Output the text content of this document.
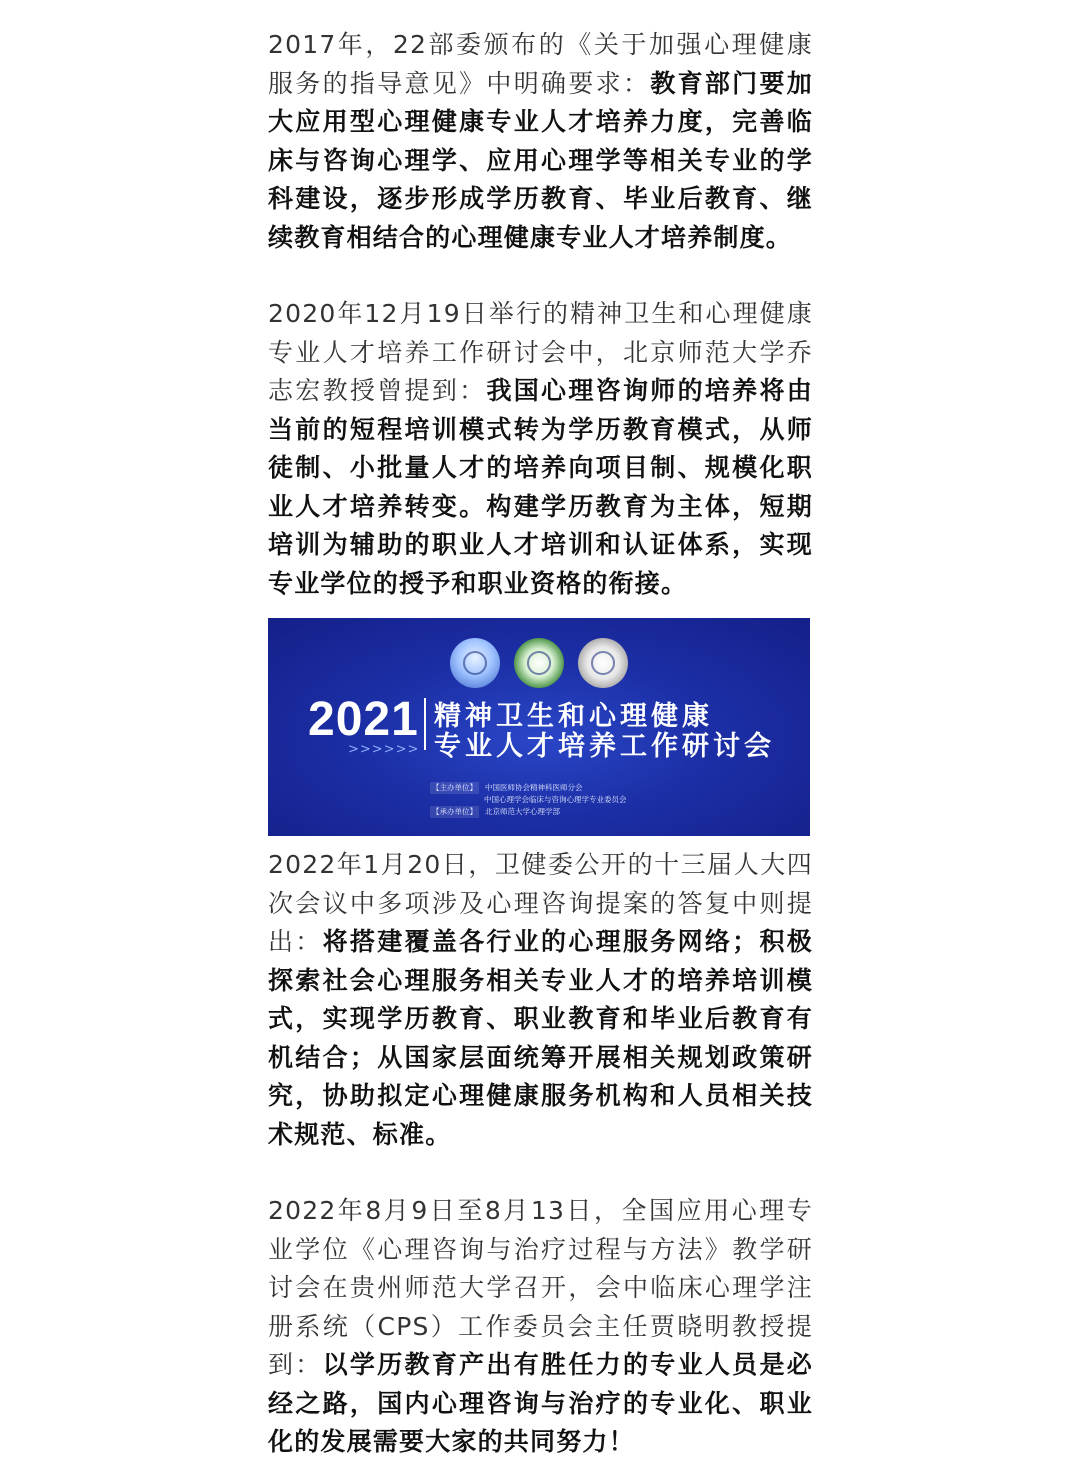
2017年，22部委颁布的《关于加强心理健康服务的指导意见》中明确要求：教育部门要加大应用型心理健康专业人才培养力度，完善临床与咨询心理学、应用心理学等相关专业的学科建设，逐步形成学历教育、毕业后教育、继续教育相结合的心理健康专业人才培养制度。

2020年12月19日举行的精神卫生和心理健康专业人才培养工作研讨会中，北京师范大学乔志宏教授曾提到：我国心理咨询师的培养将由当前的短程培训模式转为学历教育模式，从师徒制、小批量人才的培养向项目制、规模化职业人才培养转变。构建学历教育为主体，短期培训为辅助的职业人才培训和认证体系，实现专业学位的授予和职业资格的衔接。

2021
>>>>>>
精神卫生和心理健康
专业人才培养工作研讨会
【主办单位】 中国医师协会精神科医师分会
中国心理学会临床与咨询心理学专业委员会
【承办单位】 北京师范大学心理学部

2022年1月20日，卫健委公开的十三届人大四次会议中多项涉及心理咨询提案的答复中则提出：将搭建覆盖各行业的心理服务网络；积极探索社会心理服务相关专业人才的培养培训模式，实现学历教育、职业教育和毕业后教育有机结合；从国家层面统筹开展相关规划政策研究，协助拟定心理健康服务机构和人员相关技术规范、标准。

2022年8月9日至8月13日，全国应用心理专业学位《心理咨询与治疗过程与方法》教学研讨会在贵州师范大学召开，会中临床心理学注册系统（CPS）工作委员会主任贾晓明教授提到：以学历教育产出有胜任力的专业人员是必经之路，国内心理咨询与治疗的专业化、职业化的发展需要大家的共同努力！
